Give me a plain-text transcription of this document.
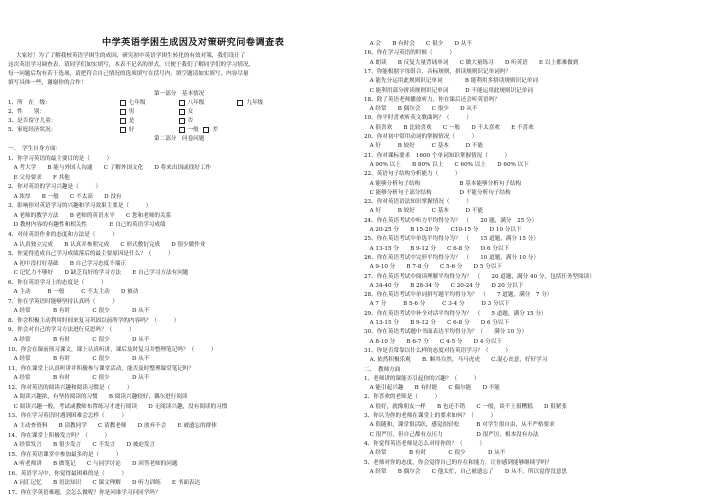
中学英语学困生成因及对策研究问卷调查表
大家好！为了了解我校英语学困生的成因，研究初中英语学困生转化的有效对策，我们设计了
这次英语学习调查表，请同学们如实填写，本表不记名的形式，只便于我们了解同学们的学习情况，
每一问题后均有若干选项，请把符合自己情况的选项填写在括号内，填空题请如实填写，内容尽量
填写具体一些，谢谢你的合作！
第一部分　基本情况
1、所　在　级：	七年级	八年级	九年级
2、性　　别：	男	女
3、是否留守儿童：	是	否
5、家庭经济状况：	好	一般 差
第二部分　问卷问题
一、　学生自身方面：
1、你学习英语的最主要目的是（　　　）
　A 考大学　　B 能与外国人沟通　　C 了解外国文化　　D 将来出国或找好工作
　E 父母要求　　F 其他
2、你对英语的学习兴趣是（　　　）
　A 浓厚　　B 一般　　C 不太高　　D 没有
3、影响你对英语学习的兴趣和学习效果主要是（　　　）
　A 老师的教学方法　　B 老师的英语水平　　C 您和老师的关系
　D 教材内容的有趣性和相关性　　　　E 自己的英语学习成绩
4、对待英语作业的态度和方法是（　　　）
　A 认真独立完成　　B 认真并参照完成　　C 形式敷衍完成　　D 很少做作业
5、你觉得造成自己学习成绩落后的最主要原因是什么？（　　　）
　A 初中没打好基础　　B 自己学习态度不端正
　C 记忆力不够好　　D 缺乏良好的学习方法　　E 自己学习方法有问题
6、你在英语学习上的态度是（　　　）
　A 主动　　　B 一般　　　C 不太主动　　D 被动
7、你在学英语时能够坚持认真吗（　　　）
　A 经常　　　　B 有时　　　　C 很少　　　　D 从不
8、你会积极主动利用时间来复习巩固以前所学的内容吗？（　　　）
9、你会对自己的学习方法进行反思吗？（　　　）
　A 经常　　　　B 有时　　　　C 很少　　　　D 从不
10、你会在课前预习课文，课上认真听讲，课后及时复习并整理笔记吗？（　　　）
　A 经常　　　　B 有时　　　　C 很少　　　　D 从不
11、你在课堂上认真听讲并积极参与课堂活动，能否及时整理课堂笔记吗？
　A 经常　　　　B 有时　　　　C 很少　　　　D 从不
12、你对英语的阅读兴趣和阅读习惯是（　　　）
　A 阅读兴趣浓，有坚持阅读的习惯　　B 阅读兴趣较好，偶尔进行阅读
　C 阅读兴趣一般，考试或教师布置练习才进行阅读　　D 无阅读兴趣，没有阅读的习惯
13、你在学习英语时遇到困难会怎样（　　　）
　A 主动查资料　　B 请教同学　　C 请教老师　　D 放弃不会　　E 被遗忘的群体
14、你在课堂上积极发言吗？（　　　）
　A 经常发言　　B 很少发言　　C 不发言　　D 被迫发言
15、你在英语课堂中参加最多的是（　　　）
　A 听老师讲　　B 做笔记　　C 与同学讨论　　D 回答老师的问题
16、英语学习中，你觉得最困难的是（　　　）
　A 词汇记忆　　B 语法知识　　C 课文理解　　D 听力训练　　E 书面表达
17、你在学英语难题，会怎么做呢？你是问谁学习问同学吗？
　A 会　　B 有时会　　C 很少　　D 从不
16、你在学习英语的时候（　　　）
　A 朗读　　B 反复大量背诵单词　　C 做大量练习　　D 听英语　　E 以上都难做到
17、你能根据字母组合、音标规则，拼读规则识记单词吗？
　A 能先分运用此规则识记单词　　　　B 能利用多拼读规则识记单词
　C 能利用部分拼读规则识记单词　　　D 不能运用此规则识记单词
18、除了英语老师播放听力，你在课后还会听英语吗？
　A 经常　　B 偶尔会　　C 很少　　D 从不
19、你平时喜欢听英文歌曲吗？（　　　）
　A 很喜欢　　B 比较喜欢　　C 一般　　D 不太喜欢　　E 不喜欢
20、你对初中常用动词的掌握情况（　　　）
　A 好　　　B 较好　　　C 基本　　　D 不能
21、你对课标要求　1600 个单词知识掌握情况（　　　）
　A 90% 以上　　B 80% 以上　　C 60% 以上　　D 60% 以下
22、英语句子结构分析能力（　　　）
　A 能够分析句子结构　　　　　　　B 基本能够分析句子结构
　C 能够分析句子部分结构　　　　　D 不能分析句子结构
23、你对英语语法知识掌握情况（　　　）
　A 好　　　B 较好　　　C 基本　　　D 不能
24、你在英语考试中听力平均得分为？　（　　20 题，满分　25 分）
　A 20-25 分　　B 15-20 分　　C10-15 分　　D 10 分以下
25、你在英语考试中单选平均得分为？　（　　15 道题，满分 15 分）
　A 13-15 分　　B 9-12 分　　C 6-8 分　　D 6 分以下
26、你在英语考试中完形平均得分为？　（　　10 道题，满分 10 分）
　A 9-10 分　　B 7-8 分　　C 5-6 分　　D 5 分以下
27、你在英语考试中阅读理解平均得分为？　（　　20 道题，满分 40 分，包括任务型阅读）
　A 34-40 分　　B 28-34 分　　C 20-24 分　　D 20 分以下
28、你在英语考试中单词拼写题平均得分为？　（　　7 道题，满分　7 分）
　A 7 分　　　B 5-6 分　　　C 3-4 分　　　D 3 分以下
29、你在英语考试中补全对话平均得分为？　（　　5 道题，满分 15 分）
　A 13-15 分　　B 9-12 分　　C 6-8 分　　D 6 分以下
30、你在英语考试题中书面表达平均得分为？（　　满分 10 分）
　A 8-10 分　　B 6-7 分　　C 4-5 分　　D 4 分以下
31、你是否常靠以什么样的态度对待英语学习？（　　　）
　A. 依然积极乐观　　B. 顺其自然，马马虎虎　　C.混心丧意，好好学习
二、　教师方面
1、老师讲的课能否引起你的兴趣？（　　　）
　A 能引起兴趣　　B 有时能　　C 偶尔能　　D 不能
2、你喜欢的老师是（　　　）
　A 很好，就像朋友一样　　B 也还不错　　C 一般，谈不上很糟糕　　D 很紧张
3、你认为你的老师在课堂上的要求如何？（　　　）
　A 很随和，课堂很活跃，感觉很轻松　　　B 对学生很自由，从不严格要求
　C 很严厉，但自己都有点压力　　　　　　D 很严厉，根本没有办法
4、你觉得英语老师是怎么对待你的？（　　　）
　A 经常　　　　B 有时　　　　C 很少　　　　D 从不
5、老师对你的态度，你会觉得自己的存在和能力，让你感到能够继续学吗？
　A 经常　　B 偶尔会　　C 他太忙，自己被遗忘了　　D 从不，所以觉得没意思
